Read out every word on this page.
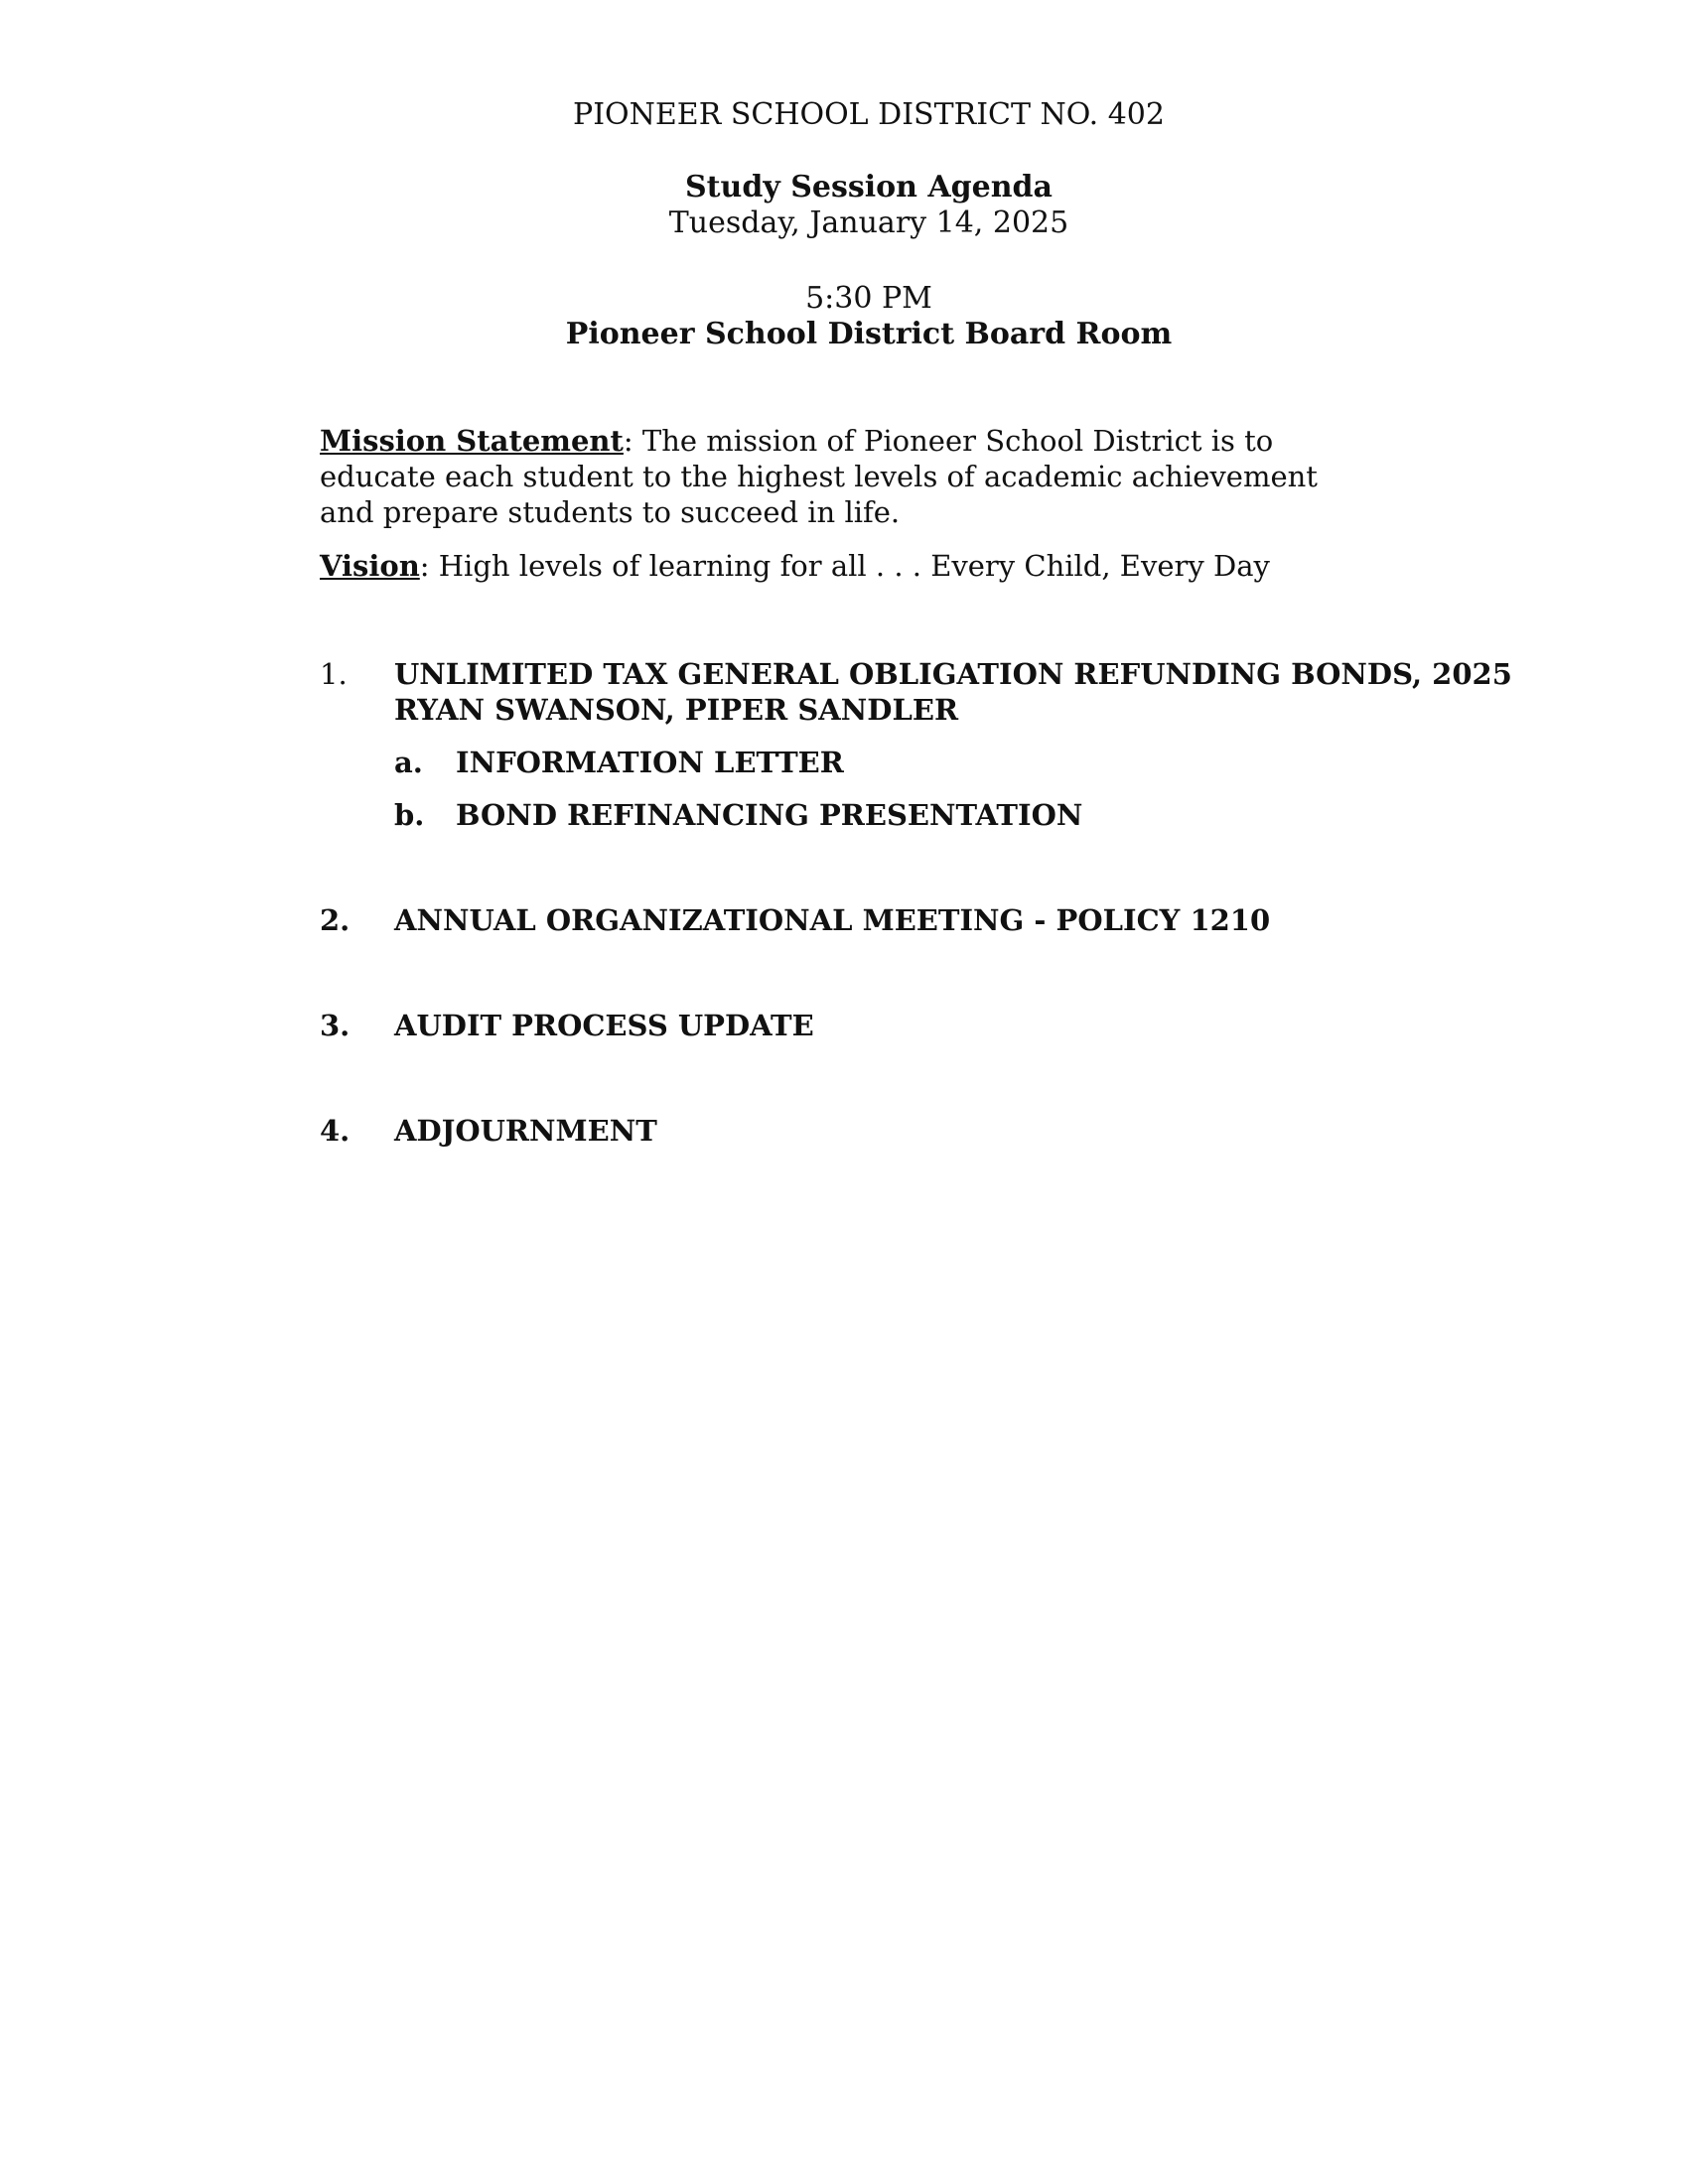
PIONEER SCHOOL DISTRICT NO. 402
Study Session Agenda
Tuesday, January 14, 2025
5:30 PM
Pioneer School District Board Room
Mission Statement: The mission of Pioneer School District is to educate each student to the highest levels of academic achievement and prepare students to succeed in life.
Vision: High levels of learning for all . . . Every Child, Every Day
1. UNLIMITED TAX GENERAL OBLIGATION REFUNDING BONDS, 2025
RYAN SWANSON, PIPER SANDLER
a. INFORMATION LETTER
b. BOND REFINANCING PRESENTATION
2. ANNUAL ORGANIZATIONAL MEETING - POLICY 1210
3. AUDIT PROCESS UPDATE
4. ADJOURNMENT
